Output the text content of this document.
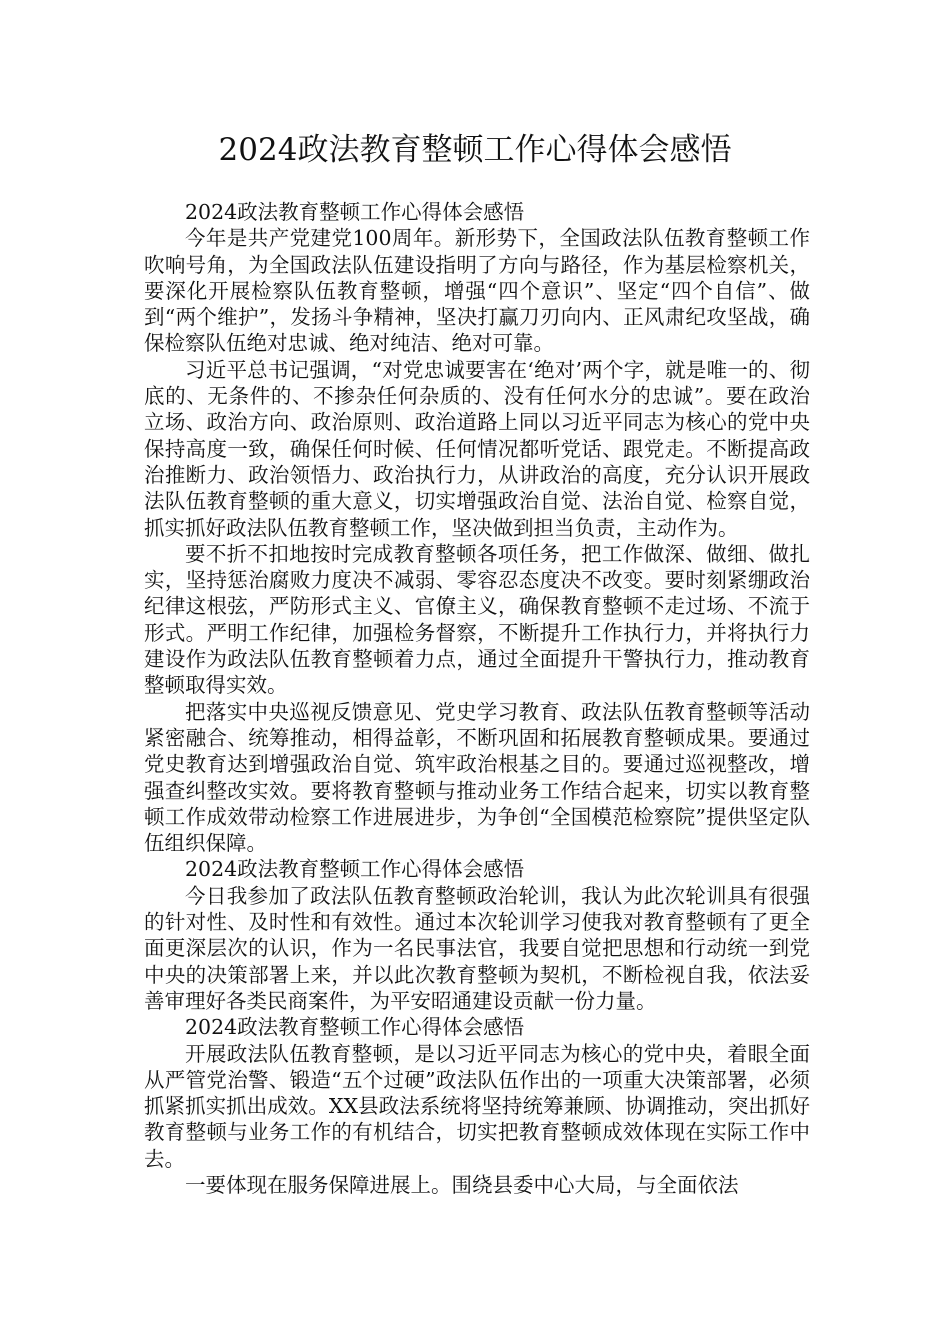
2024政法教育整顿工作心得体会感悟

2024政法教育整顿工作心得体会感悟

今年是共产党建党100周年。新形势下，全国政法队伍教育整顿工作吹响号角，为全国政法队伍建设指明了方向与路径，作为基层检察机关，要深化开展检察队伍教育整顿，增强“四个意识”、坚定“四个自信”、做到“两个维护”，发扬斗争精神，坚决打赢刀刃向内、正风肃纪攻坚战，确保检察队伍绝对忠诚、绝对纯洁、绝对可靠。

习近平总书记强调，“对党忠诚要害在‘绝对’两个字，就是唯一的、彻底的、无条件的、不掺杂任何杂质的、没有任何水分的忠诚”。要在政治立场、政治方向、政治原则、政治道路上同以习近平同志为核心的党中央保持高度一致，确保任何时候、任何情况都听党话、跟党走。不断提高政治推断力、政治领悟力、政治执行力，从讲政治的高度，充分认识开展政法队伍教育整顿的重大意义，切实增强政治自觉、法治自觉、检察自觉，抓实抓好政法队伍教育整顿工作，坚决做到担当负责，主动作为。

要不折不扣地按时完成教育整顿各项任务，把工作做深、做细、做扎实，坚持惩治腐败力度决不减弱、零容忍态度决不改变。要时刻紧绷政治纪律这根弦，严防形式主义、官僚主义，确保教育整顿不走过场、不流于形式。严明工作纪律，加强检务督察，不断提升工作执行力，并将执行力建设作为政法队伍教育整顿着力点，通过全面提升干警执行力，推动教育整顿取得实效。

把落实中央巡视反馈意见、党史学习教育、政法队伍教育整顿等活动紧密融合、统筹推动，相得益彰，不断巩固和拓展教育整顿成果。要通过党史教育达到增强政治自觉、筑牢政治根基之目的。要通过巡视整改，增强查纠整改实效。要将教育整顿与推动业务工作结合起来，切实以教育整顿工作成效带动检察工作进展进步，为争创“全国模范检察院”提供坚定队伍组织保障。

2024政法教育整顿工作心得体会感悟

今日我参加了政法队伍教育整顿政治轮训，我认为此次轮训具有很强的针对性、及时性和有效性。通过本次轮训学习使我对教育整顿有了更全面更深层次的认识，作为一名民事法官，我要自觉把思想和行动统一到党中央的决策部署上来，并以此次教育整顿为契机，不断检视自我，依法妥善审理好各类民商案件，为平安昭通建设贡献一份力量。

2024政法教育整顿工作心得体会感悟

开展政法队伍教育整顿，是以习近平同志为核心的党中央，着眼全面从严管党治警、锻造“五个过硬”政法队伍作出的一项重大决策部署，必须抓紧抓实抓出成效。XX县政法系统将坚持统筹兼顾、协调推动，突出抓好教育整顿与业务工作的有机结合，切实把教育整顿成效体现在实际工作中去。

一要体现在服务保障进展上。围绕县委中心大局，与全面依法
